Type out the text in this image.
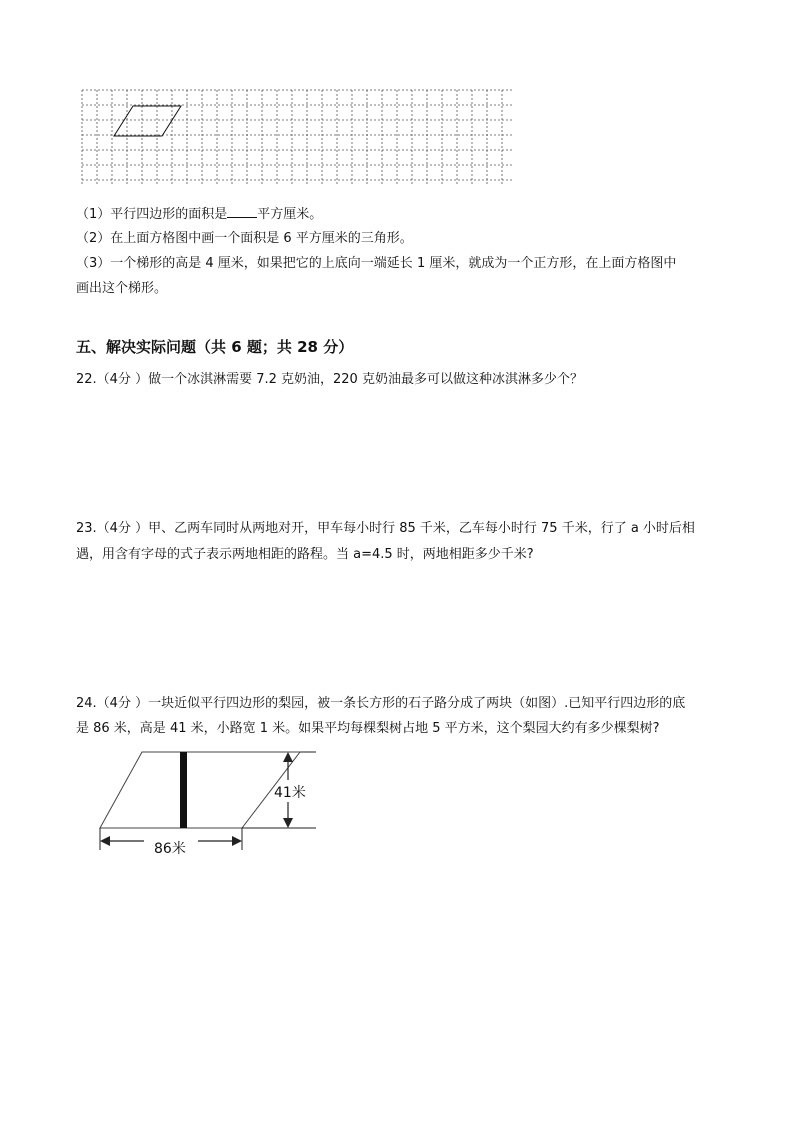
（1）平行四边形的面积是 平方厘米。
（2）在上面方格图中画一个面积是 6 平方厘米的三角形。
（3）一个梯形的高是 4 厘米，如果把它的上底向一端延长 1 厘米，就成为一个正方形，在上面方格图中
画出这个梯形。
五、解决实际问题（共 6 题；共 28 分）
22.（4分 ）做一个冰淇淋需要 7.2 克奶油，220 克奶油最多可以做这种冰淇淋多少个？
23.（4分 ）甲、乙两车同时从两地对开，甲车每小时行 85 千米，乙车每小时行 75 千米，行了 a 小时后相
遇，用含有字母的式子表示两地相距的路程。当 a=4.5 时，两地相距多少千米?
24.（4分 ）一块近似平行四边形的梨园，被一条长方形的石子路分成了两块（如图）.已知平行四边形的底
是 86 米，高是 41 米，小路宽 1 米。如果平均每棵梨树占地 5 平方米，这个梨园大约有多少棵梨树?
41米
86米
